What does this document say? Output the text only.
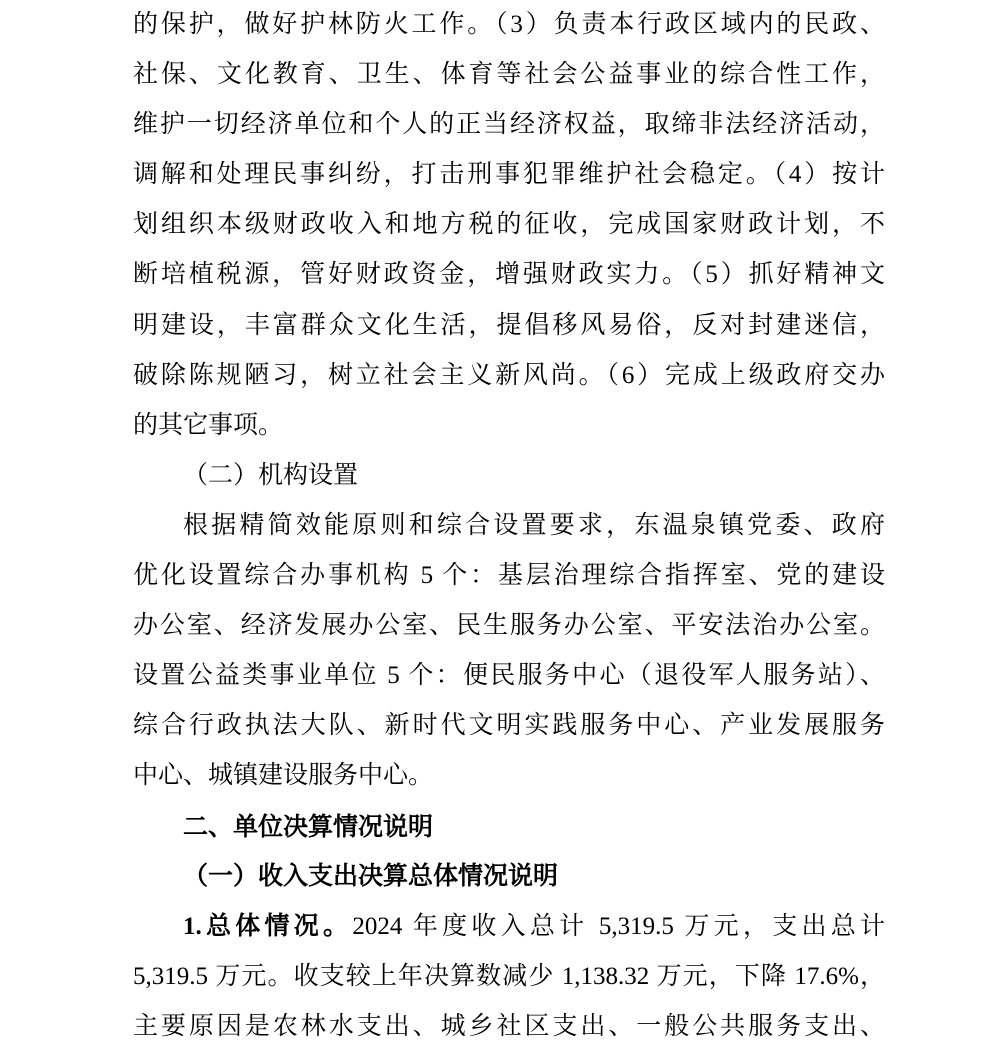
的保护，做好护林防火工作。（3）负责本行政区域内的民政、
社保、文化教育、卫生、体育等社会公益事业的综合性工作，
维护一切经济单位和个人的正当经济权益，取缔非法经济活动，
调解和处理民事纠纷，打击刑事犯罪维护社会稳定。（4）按计
划组织本级财政收入和地方税的征收，完成国家财政计划，不
断培植税源，管好财政资金，增强财政实力。（5）抓好精神文
明建设，丰富群众文化生活，提倡移风易俗，反对封建迷信，
破除陈规陋习，树立社会主义新风尚。（6）完成上级政府交办
的其它事项。
（二）机构设置
根据精简效能原则和综合设置要求，东温泉镇党委、政府
优化设置综合办事机构 5 个：基层治理综合指挥室、党的建设
办公室、经济发展办公室、民生服务办公室、平安法治办公室。
设置公益类事业单位 5 个：便民服务中心（退役军人服务站）、
综合行政执法大队、新时代文明实践服务中心、产业发展服务
中心、城镇建设服务中心。
二、单位决算情况说明
（一）收入支出决算总体情况说明
1.总体情况。2024 年度收入总计 5,319.5 万元，支出总计
5,319.5 万元。收支较上年决算数减少 1,138.32 万元，下降 17.6%，
主要原因是农林水支出、城乡社区支出、一般公共服务支出、
